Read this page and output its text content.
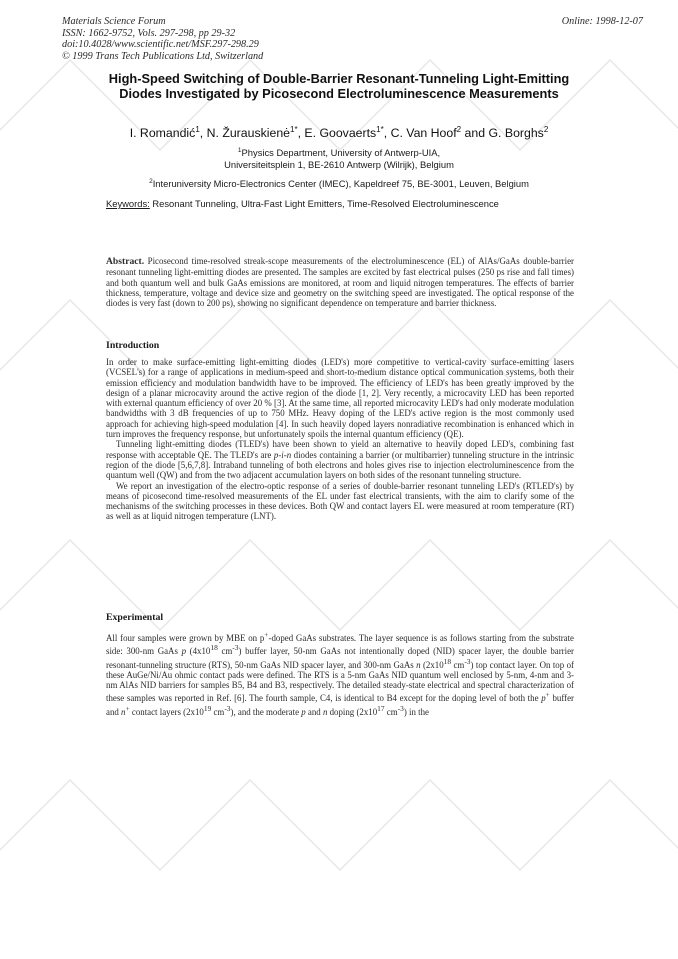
Materials Science Forum
ISSN: 1662-9752, Vols. 297-298, pp 29-32
doi:10.4028/www.scientific.net/MSF.297-298.29
© 1999 Trans Tech Publications Ltd, Switzerland
Online: 1998-12-07
High-Speed Switching of Double-Barrier Resonant-Tunneling Light-Emitting Diodes Investigated by Picosecond Electroluminescence Measurements
I. Romandić$^1$, N. Žurauskienė$^{1*}$, E. Goovaerts$^{1*}$, C. Van Hoof$^2$ and G. Borghs$^2$
$^1$Physics Department, University of Antwerp-UIA,
Universiteitsplein 1, BE-2610 Antwerp (Wilrijk), Belgium
$^2$Interuniversity Micro-Electronics Center (IMEC), Kapeldreef 75, BE-3001, Leuven, Belgium
Keywords: Resonant Tunneling, Ultra-Fast Light Emitters, Time-Resolved Electroluminescence

Abstract. Picosecond time-resolved streak-scope measurements of the electroluminescence (EL) of AlAs/GaAs double-barrier resonant tunneling light-emitting diodes are presented. The samples are excited by fast electrical pulses (250 ps rise and fall times) and both quantum well and bulk GaAs emissions are monitored, at room and liquid nitrogen temperatures. The effects of barrier thickness, temperature, voltage and device size and geometry on the switching speed are investigated. The optical response of the diodes is very fast (down to 200 ps), showing no significant dependence on temperature and barrier thickness.

Introduction

In order to make surface-emitting light-emitting diodes (LED's) more competitive to vertical-cavity surface-emitting lasers (VCSEL's) for a range of applications in medium-speed and short-to-medium distance optical communication systems, both their emission efficiency and modulation bandwidth have to be improved. The efficiency of LED's has been greatly improved by the design of a planar microcavity around the active region of the diode [1, 2]. Very recently, a microcavity LED has been reported with external quantum efficiency of over 20 % [3]. At the same time, all reported microcavity LED's had only moderate modulation bandwidths with 3 dB frequencies of up to 750 MHz. Heavy doping of the LED's active region is the most commonly used approach for achieving high-speed modulation [4]. In such heavily doped layers nonradiative recombination is enhanced which in turn improves the frequency response, but unfortunately spoils the internal quantum efficiency (QE).

Tunneling light-emitting diodes (TLED's) have been shown to yield an alternative to heavily doped LED's, combining fast response with acceptable QE. The TLED's are p-i-n diodes containing a barrier (or multibarrier) tunneling structure in the intrinsic region of the diode [5,6,7,8]. Intraband tunneling of both electrons and holes gives rise to injection electroluminescence from the quantum well (QW) and from the two adjacent accumulation layers on both sides of the resonant tunneling structure.

We report an investigation of the electro-optic response of a series of double-barrier resonant tunneling LED's (RTLED's) by means of picosecond time-resolved measurements of the EL under fast electrical transients, with the aim to clarify some of the mechanisms of the switching processes in these devices. Both QW and contact layers EL were measured at room temperature (RT) as well as at liquid nitrogen temperature (LNT).

Experimental

All four samples were grown by MBE on p+-doped GaAs substrates. The layer sequence is as follows starting from the substrate side: 300-nm GaAs p ($4x10^{18}$ $cm^{-3}$) buffer layer, 50-nm GaAs not intentionally doped (NID) spacer layer, the double barrier resonant-tunneling structure (RTS), 50-nm GaAs NID spacer layer, and 300-nm GaAs n ($2x10^{18}$ $cm^{-3}$) top contact layer. On top of these AuGe/Ni/Au ohmic contact pads were defined. The RTS is a 5-nm GaAs NID quantum well enclosed by 5-nm, 4-nm and 3-nm AlAs NID barriers for samples B5, B4 and B3, respectively. The detailed steady-state electrical and spectral characterization of these samples was reported in Ref. [6]. The fourth sample, C4, is identical to B4 except for the doping level of both the p+ buffer and n+ contact layers ($2x10^{19}$ $cm^{-3}$), and the moderate p and n doping ($2x10^{17}$ $cm^{-3}$) in the
